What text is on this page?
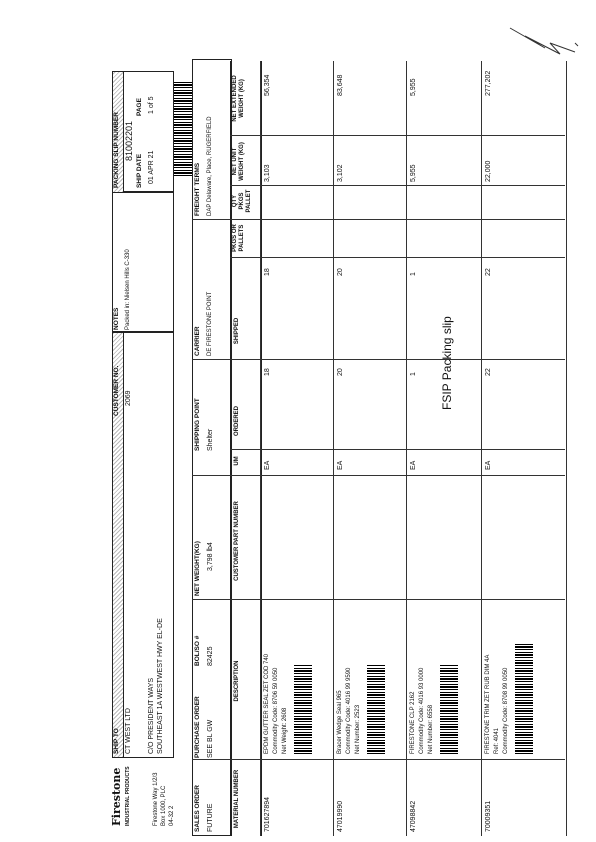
FSIP Packing slip
Firestone INDUSTRIAL PRODUCTS	Firestone Way 1/2/3 Box 1000, PLC 04-32 2
SHIP TO
CUSTOMER NO.
CT WEST LTD
2069
C/O PRESIDENT WAYS SOUTHEAST 1A WESTWEST HWY EL-DE
NOTES Packed in: Nielsen Hills C-330
PACKING SLIP NUMBER 81002201
SHIP DATE
PAGE
01 APR 21
1 of 5
SALES ORDER FUTURE
PURCHASE ORDER SEE BL GW
BOL/SO # 82425
NET WEIGHT(KG) 3,798 lb4
SHIPPING POINT Shelter
CARRIER DE FIRESTONE POINT
FREIGHT TERMS DAP Delaware, Place, RUGERFIELD
MATERIAL NUMBER
DESCRIPTION
CUSTOMER PART NUMBER
UM
ORDERED
SHIPPED
PKGS OR PALLETS
QTY PKGS PALLET
NET UNIT WEIGHT (KG)
NET EXTENDED WEIGHT (KG)
701627894
EPDM GUTTER SEAL ZET COD 740 Commodity Code: 8706 59 0050 Net Weight: 2608
EA
18
18
3,103
56,354
47019990
Bracer Wedge Seal 965 Commodity Code: 4016 99 9590 Net Number: 2523
EA
20
20
3,102
83,648
47098842
FIRESTONE CLP 2162 Commodity Code: 4016 93 0000 Net Number: 6558
EA
1
1
5,955
5,955
70009351
FIRESTONE TRIM ZET RUB DIM 4A Ref: 4041 Commodity Code: 8708 99 0050
EA
22
22
22,000
277,202
